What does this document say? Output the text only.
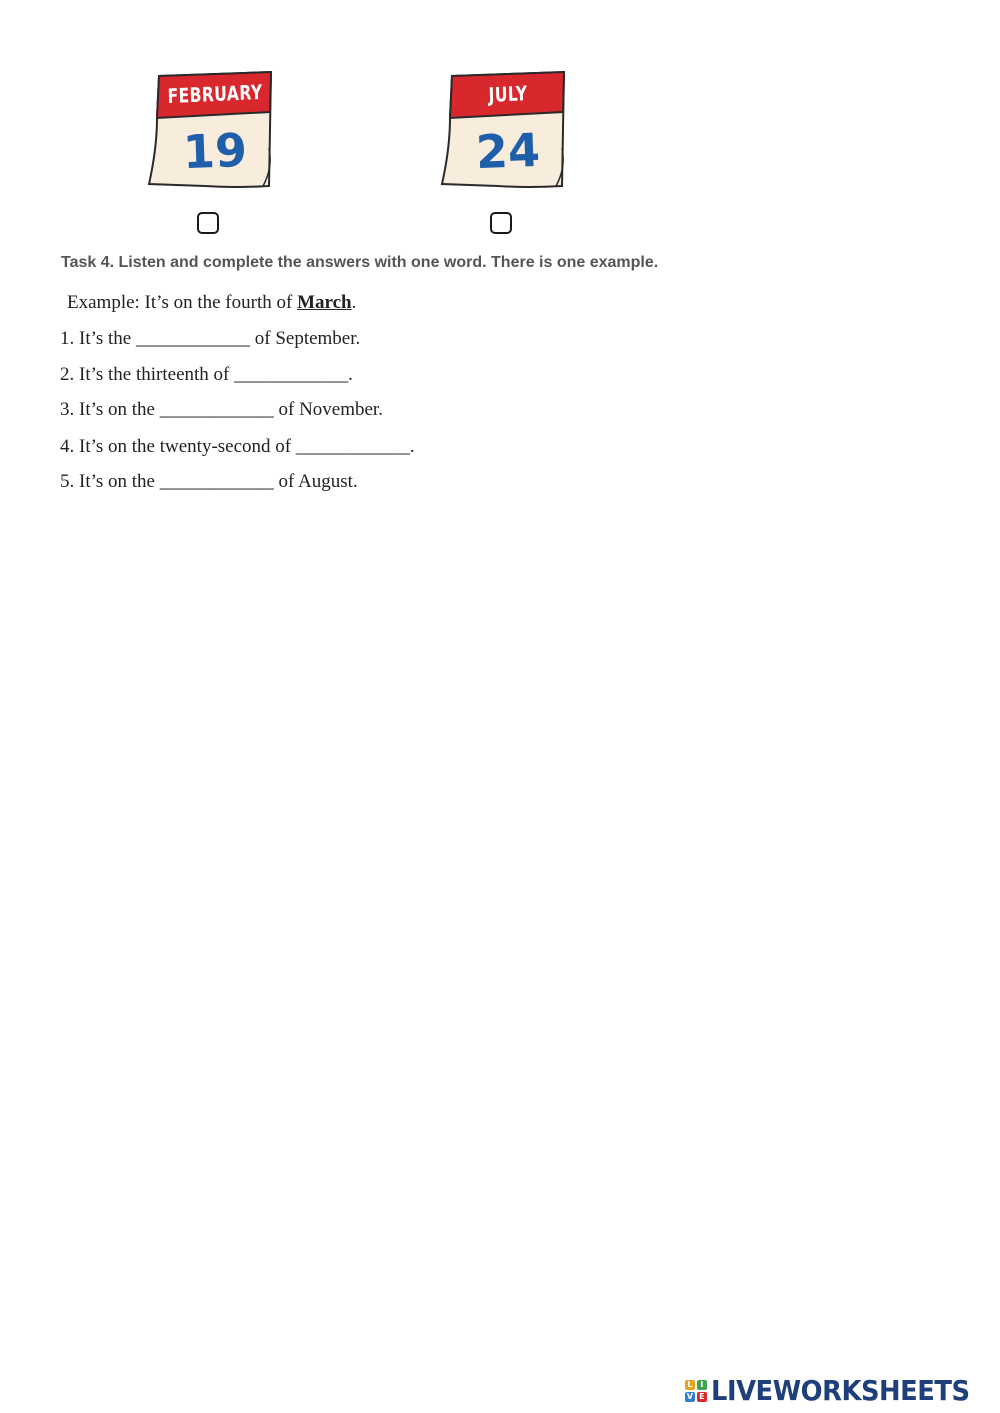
FEBRUARY
19
JULY
24
Task 4. Listen and complete the answers with one word. There is one example.
Example: It’s on the fourth of March.
1. It’s the ____________ of September.
2. It’s the thirteenth of ____________.
3. It’s on the ____________ of November.
4. It’s on the twenty-second of ____________.
5. It’s on the ____________ of August.
L I
V E LIVEWORKSHEETS
